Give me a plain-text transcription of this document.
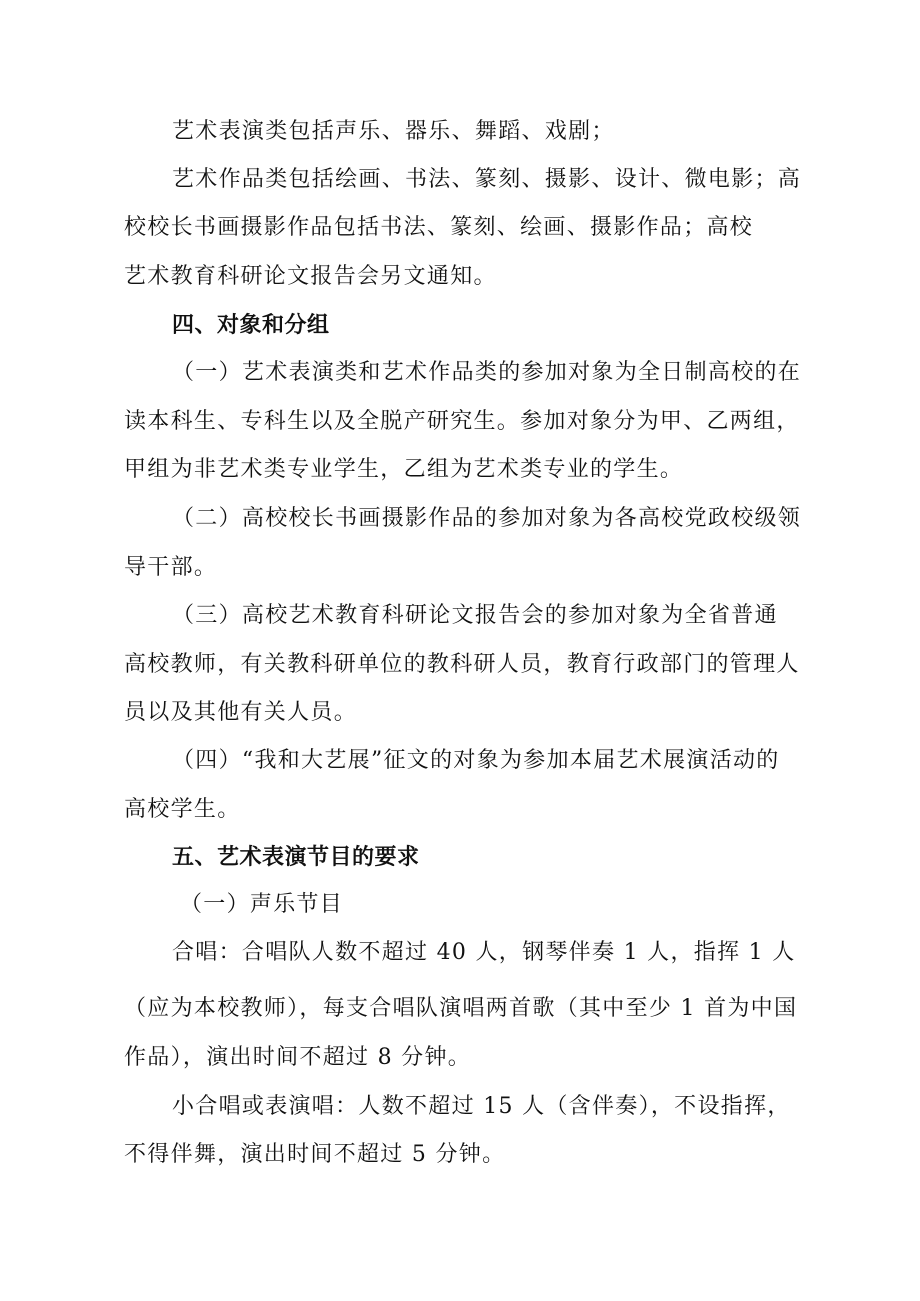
艺术表演类包括声乐、器乐、舞蹈、戏剧；
艺术作品类包括绘画、书法、篆刻、摄影、设计、微电影；高
校校长书画摄影作品包括书法、篆刻、绘画、摄影作品；高校
艺术教育科研论文报告会另文通知。
四、对象和分组
（一）艺术表演类和艺术作品类的参加对象为全日制高校的在
读本科生、专科生以及全脱产研究生。参加对象分为甲、乙两组，
甲组为非艺术类专业学生，乙组为艺术类专业的学生。
（二）高校校长书画摄影作品的参加对象为各高校党政校级领
导干部。
（三）高校艺术教育科研论文报告会的参加对象为全省普通
高校教师，有关教科研单位的教科研人员，教育行政部门的管理人
员以及其他有关人员。
（四）“我和大艺展”征文的对象为参加本届艺术展演活动的
高校学生。
五、艺术表演节目的要求
（一）声乐节目
合唱：合唱队人数不超过 40 人，钢琴伴奏 1 人，指挥 1 人
（应为本校教师），每支合唱队演唱两首歌（其中至少 1 首为中国
作品），演出时间不超过 8 分钟。
小合唱或表演唱：人数不超过 15 人（含伴奏），不设指挥，
不得伴舞，演出时间不超过 5 分钟。
